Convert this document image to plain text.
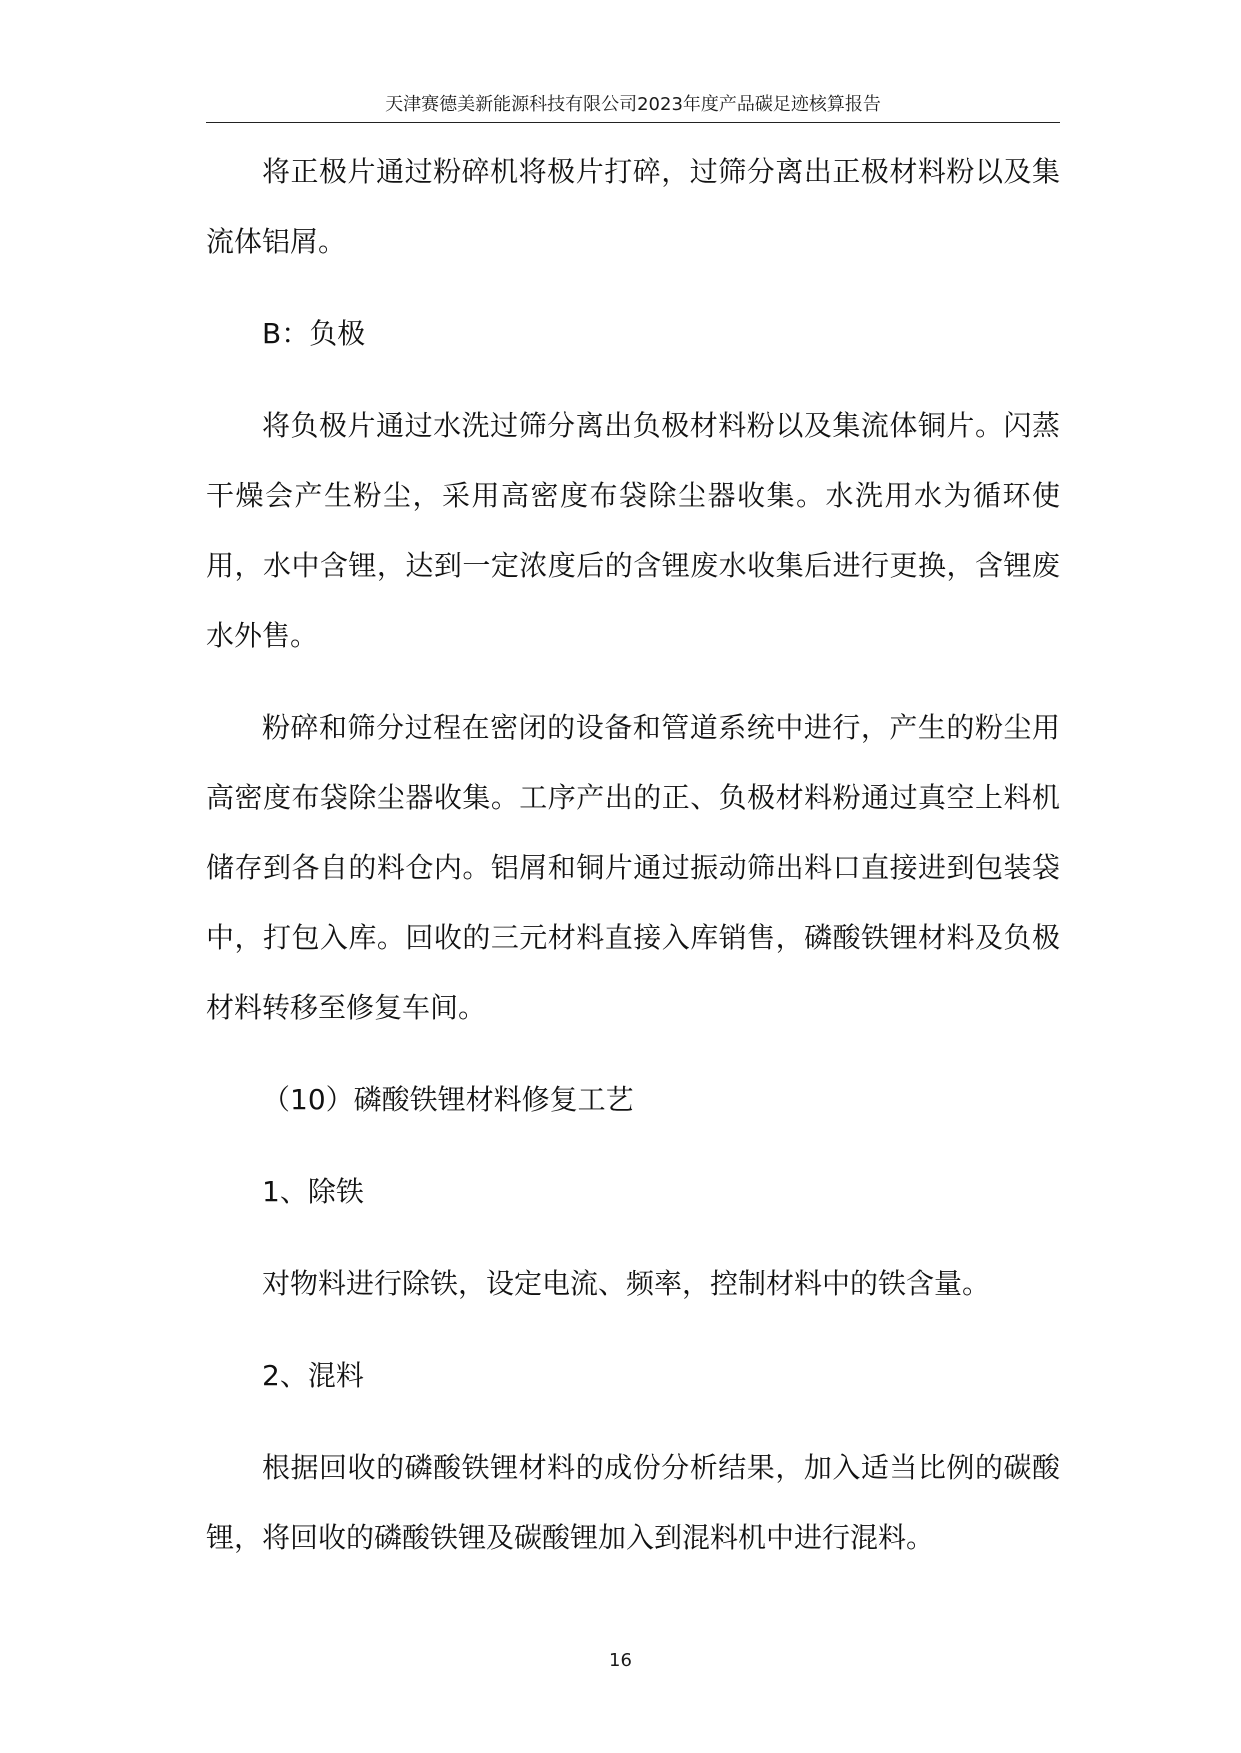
天津赛德美新能源科技有限公司2023年度产品碳足迹核算报告

将正极片通过粉碎机将极片打碎，过筛分离出正极材料粉以及集流体铝屑。

B：负极

将负极片通过水洗过筛分离出负极材料粉以及集流体铜片。闪蒸干燥会产生粉尘，采用高密度布袋除尘器收集。水洗用水为循环使用，水中含锂，达到一定浓度后的含锂废水收集后进行更换，含锂废水外售。

粉碎和筛分过程在密闭的设备和管道系统中进行，产生的粉尘用高密度布袋除尘器收集。工序产出的正、负极材料粉通过真空上料机储存到各自的料仓内。铝屑和铜片通过振动筛出料口直接进到包装袋中，打包入库。回收的三元材料直接入库销售，磷酸铁锂材料及负极材料转移至修复车间。

（10）磷酸铁锂材料修复工艺

1、除铁

对物料进行除铁，设定电流、频率，控制材料中的铁含量。

2、混料

根据回收的磷酸铁锂材料的成份分析结果，加入适当比例的碳酸锂，将回收的磷酸铁锂及碳酸锂加入到混料机中进行混料。

16
